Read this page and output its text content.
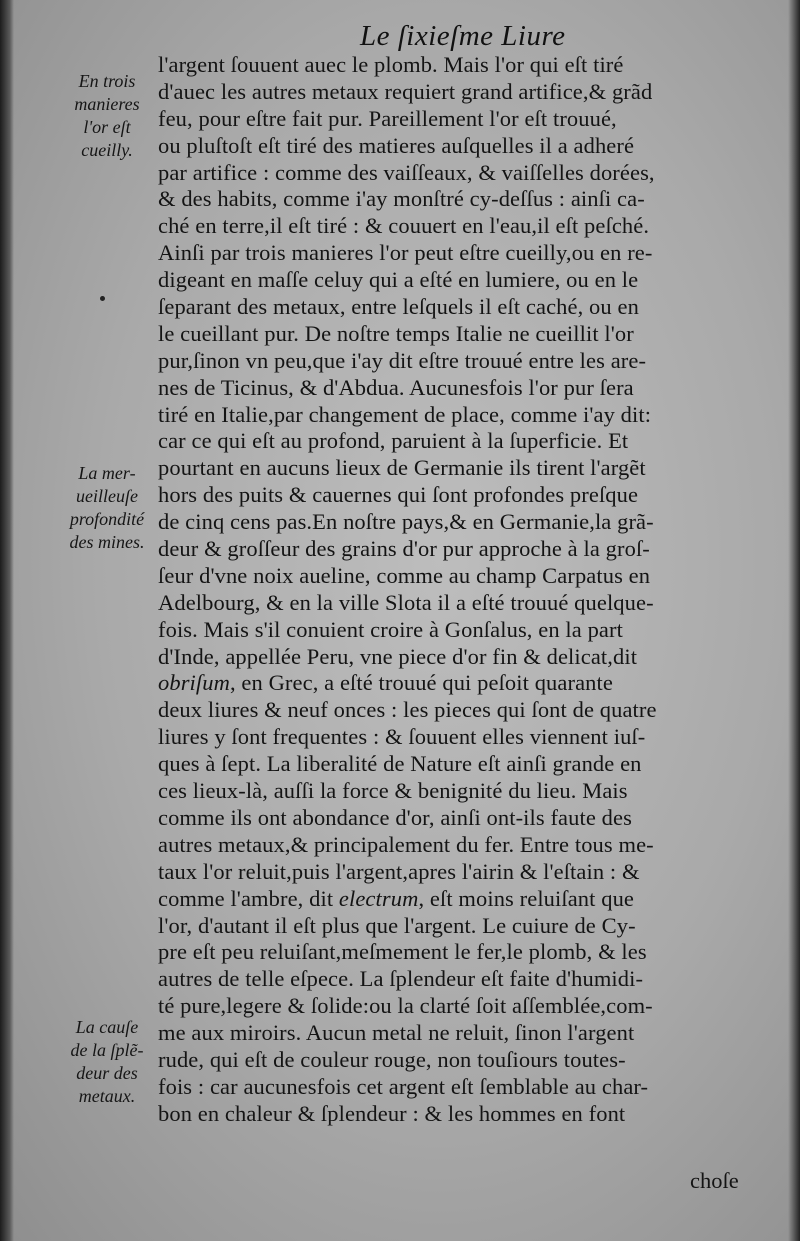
Le ſixieſme Liure
En trois
manieres
l'or eſt
cueilly.
La mer-
ueilleuſe
profondité
des mines.
La cauſe
de la ſplẽ-
deur des
metaux.
l'argent ſouuent auec le plomb. Mais l'or qui eſt tiré
d'auec les autres metaux requiert grand artifice,& grãd
feu, pour eſtre fait pur. Pareillement l'or eſt trouué,
ou pluſtoſt eſt tiré des matieres auſquelles il a adheré
par artifice : comme des vaiſſeaux, & vaiſſelles dorées,
& des habits, comme i'ay monſtré cy-deſſus : ainſi ca-
ché en terre,il eſt tiré : & couuert en l'eau,il eſt peſché.
Ainſi par trois manieres l'or peut eſtre cueilly,ou en re-
digeant en maſſe celuy qui a eſté en lumiere, ou en le
ſeparant des metaux, entre leſquels il eſt caché, ou en
le cueillant pur. De noſtre temps Italie ne cueillit l'or
pur,ſinon vn peu,que i'ay dit eſtre trouué entre les are-
nes de Ticinus, & d'Abdua. Aucunesfois l'or pur ſera
tiré en Italie,par changement de place, comme i'ay dit:
car ce qui eſt au profond, paruient à la ſuperficie. Et
pourtant en aucuns lieux de Germanie ils tirent l'argẽt
hors des puits & cauernes qui ſont profondes preſque
de cinq cens pas.En noſtre pays,& en Germanie,la grã-
deur & groſſeur des grains d'or pur approche à la groſ-
ſeur d'vne noix aueline, comme au champ Carpatus en
Adelbourg, & en la ville Slota il a eſté trouué quelque-
fois. Mais s'il conuient croire à Gonſalus, en la part
d'Inde, appellée Peru, vne piece d'or fin & delicat,dit
obriſum, en Grec, a eſté trouué qui peſoit quarante
deux liures & neuf onces : les pieces qui ſont de quatre
liures y ſont frequentes : & ſouuent elles viennent iuſ-
ques à ſept. La liberalité de Nature eſt ainſi grande en
ces lieux-là, auſſi la force & benignité du lieu. Mais
comme ils ont abondance d'or, ainſi ont-ils faute des
autres metaux,& principalement du fer. Entre tous me-
taux l'or reluit,puis l'argent,apres l'airin & l'eſtain : &
comme l'ambre, dit electrum, eſt moins reluiſant que
l'or, d'autant il eſt plus que l'argent. Le cuiure de Cy-
pre eſt peu reluiſant,meſmement le fer,le plomb, & les
autres de telle eſpece. La ſplendeur eſt faite d'humidi-
té pure,legere & ſolide:ou la clarté ſoit aſſemblée,com-
me aux miroirs. Aucun metal ne reluit, ſinon l'argent
rude, qui eſt de couleur rouge, non touſiours toutes-
fois : car aucunesfois cet argent eſt ſemblable au char-
bon en chaleur & ſplendeur : & les hommes en font
choſe
